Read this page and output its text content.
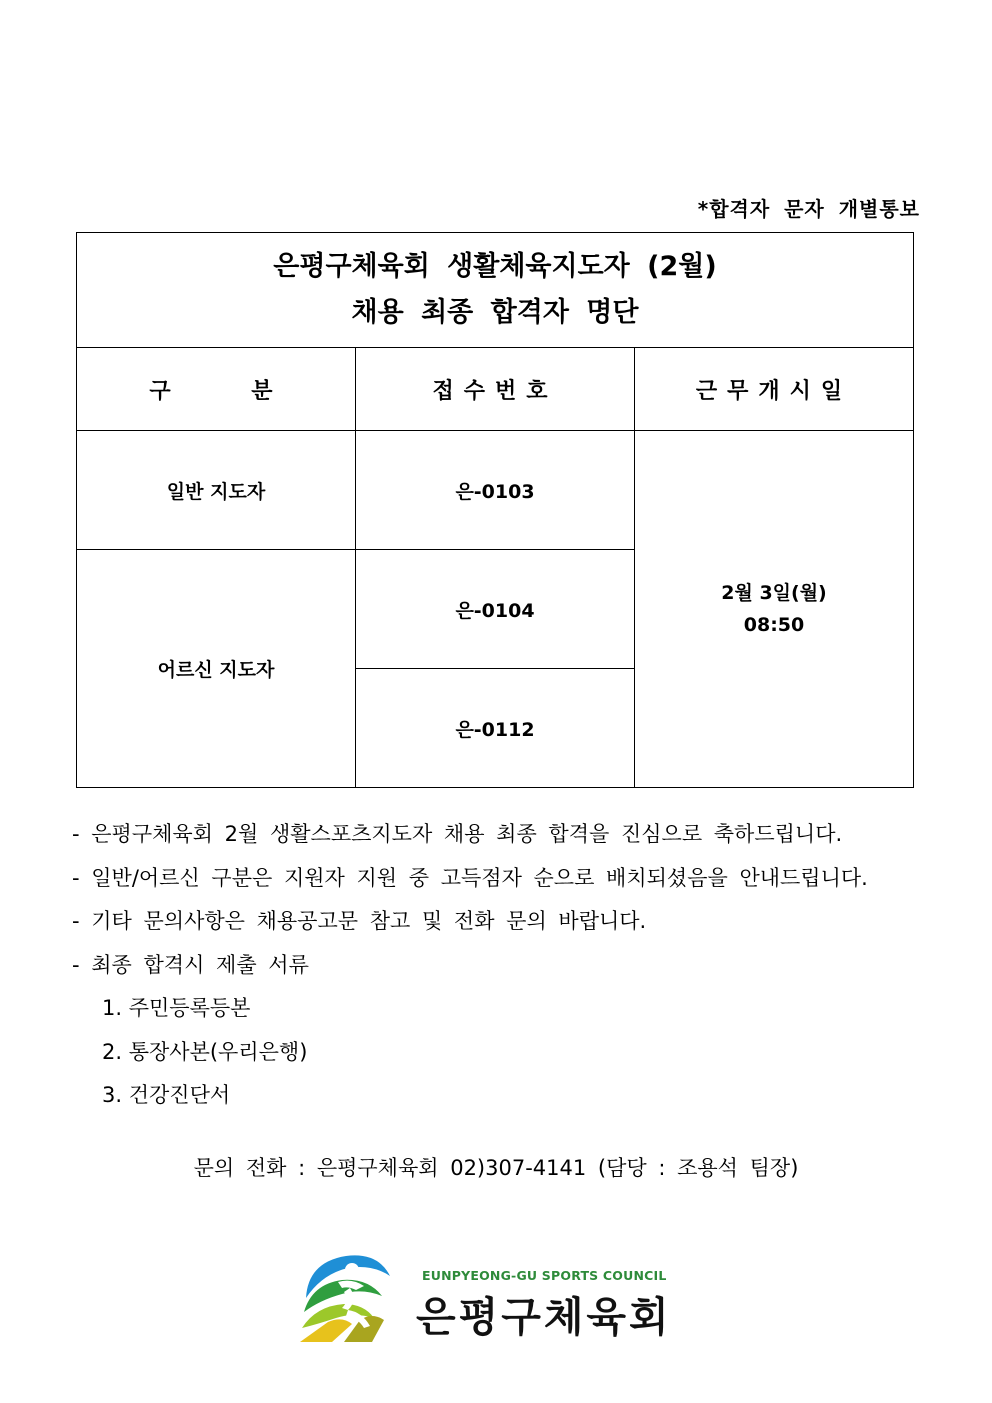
*합격자 문자 개별통보
은평구체육회 생활체육지도자 (2월)
채용 최종 합격자 명단		

구    분	접수번호	근무개시일
일반 지도자	은-0103	2월 3일(월)
08:50

어르신 지도자	은-0104	
	은-0112	
- 은평구체육회 2월 생활스포츠지도자 채용 최종 합격을 진심으로 축하드립니다.
- 일반/어르신 구분은 지원자 지원 중 고득점자 순으로 배치되셨음을 안내드립니다.
- 기타 문의사항은 채용공고문 참고 및 전화 문의 바랍니다.
- 최종 합격시 제출 서류
1. 주민등록등본
2. 통장사본(우리은행)
3. 건강진단서
문의 전화 : 은평구체육회 02)307-4141 (담당 : 조용석 팀장)
EUNPYEONG-GU SPORTS COUNCIL
은평구체육회
